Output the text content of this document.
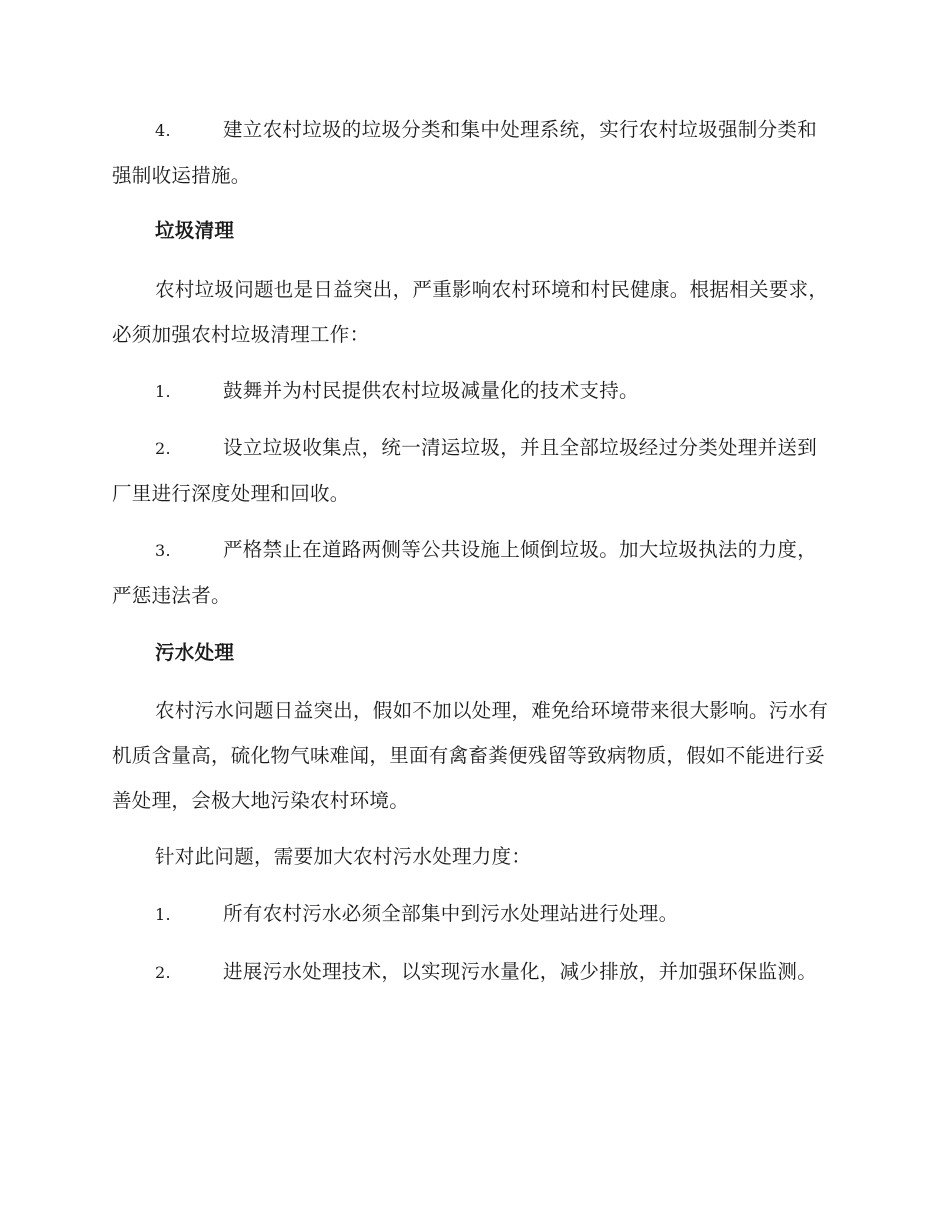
4.	建立农村垃圾的垃圾分类和集中处理系统，实行农村垃圾强制分类和强制收运措施。

垃圾清理

农村垃圾问题也是日益突出，严重影响农村环境和村民健康。根据相关要求，必须加强农村垃圾清理工作：

1.	鼓舞并为村民提供农村垃圾减量化的技术支持。

2.	设立垃圾收集点，统一清运垃圾，并且全部垃圾经过分类处理并送到厂里进行深度处理和回收。

3.	严格禁止在道路两侧等公共设施上倾倒垃圾。加大垃圾执法的力度，严惩违法者。

污水处理

农村污水问题日益突出，假如不加以处理，难免给环境带来很大影响。污水有机质含量高，硫化物气味难闻，里面有禽畜粪便残留等致病物质，假如不能进行妥善处理，会极大地污染农村环境。

针对此问题，需要加大农村污水处理力度：

1.	所有农村污水必须全部集中到污水处理站进行处理。

2.	进展污水处理技术，以实现污水量化，减少排放，并加强环保监测。
